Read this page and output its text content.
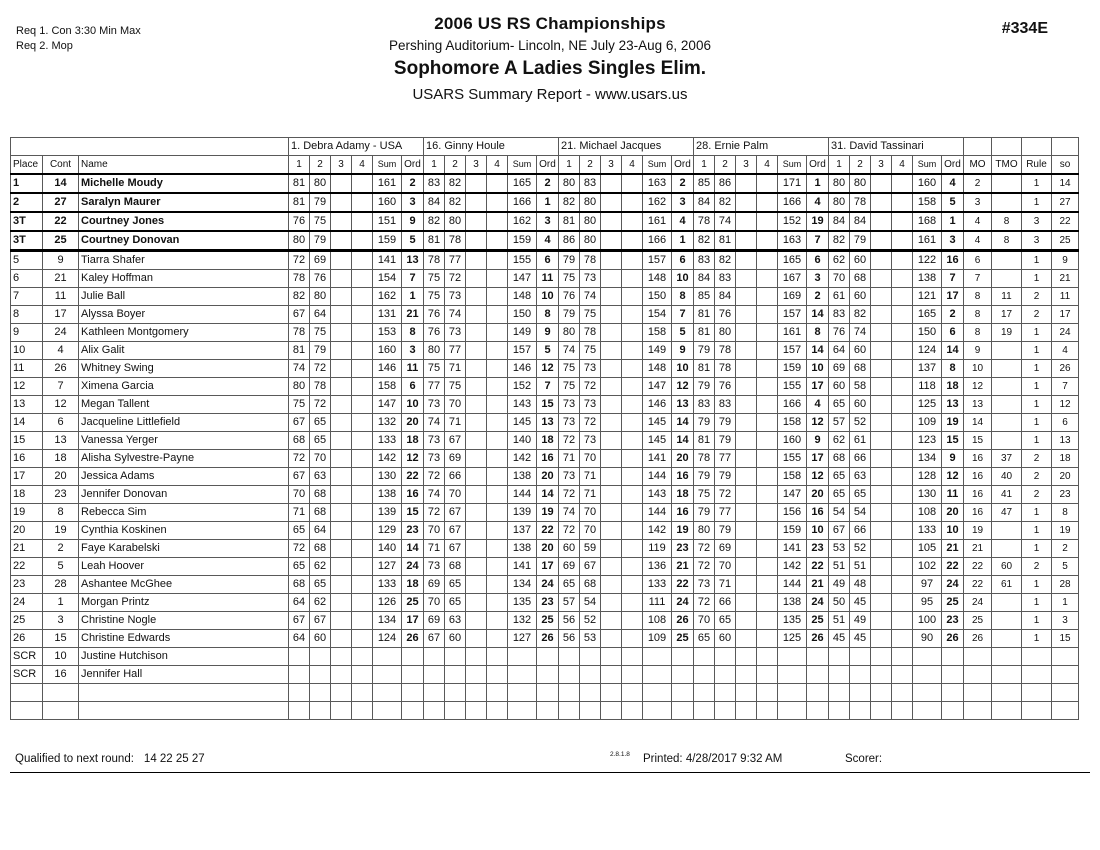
Req 1. Con 3:30 Min Max
Req 2. Mop
2006 US RS Championships
Pershing Auditorium- Lincoln, NE July 23-Aug 6, 2006
Sophomore A Ladies Singles Elim.
USARS Summary Report - www.usars.us
#334E
			1. Debra Adamy - USA						16. Ginny Houle						21. Michael Jacques						28. Ernie Palm						31. David Tassinari									
Place	Cont	Name	1	2	3	4	Sum	Ord	1	2	3	4	Sum	Ord	1	2	3	4	Sum	Ord	1	2	3	4	Sum	Ord	1	2	3	4	Sum	Ord	MO	TMO	Rule	so
1	14	Michelle Moudy	81	80			161	2	83	82			165	2	80	83			163	2	85	86			171	1	80	80			160	4	2		1	14
2	27	Saralyn Maurer	81	79			160	3	84	82			166	1	82	80			162	3	84	82			166	4	80	78			158	5	3		1	27
3T	22	Courtney Jones	76	75			151	9	82	80			162	3	81	80			161	4	78	74			152	19	84	84			168	1	4	8	3	22
3T	25	Courtney Donovan	80	79			159	5	81	78			159	4	86	80			166	1	82	81			163	7	82	79			161	3	4	8	3	25
5	9	Tiarra Shafer	72	69			141	13	78	77			155	6	79	78			157	6	83	82			165	6	62	60			122	16	6		1	9
6	21	Kaley Hoffman	78	76			154	7	75	72			147	11	75	73			148	10	84	83			167	3	70	68			138	7	7		1	21
7	11	Julie Ball	82	80			162	1	75	73			148	10	76	74			150	8	85	84			169	2	61	60			121	17	8	11	2	11
8	17	Alyssa Boyer	67	64			131	21	76	74			150	8	79	75			154	7	81	76			157	14	83	82			165	2	8	17	2	17
9	24	Kathleen Montgomery	78	75			153	8	76	73			149	9	80	78			158	5	81	80			161	8	76	74			150	6	8	19	1	24
10	4	Alix Galit	81	79			160	3	80	77			157	5	74	75			149	9	79	78			157	14	64	60			124	14	9		1	4
11	26	Whitney Swing	74	72			146	11	75	71			146	12	75	73			148	10	81	78			159	10	69	68			137	8	10		1	26
12	7	Ximena Garcia	80	78			158	6	77	75			152	7	75	72			147	12	79	76			155	17	60	58			118	18	12		1	7
13	12	Megan Tallent	75	72			147	10	73	70			143	15	73	73			146	13	83	83			166	4	65	60			125	13	13		1	12
14	6	Jacqueline Littlefield	67	65			132	20	74	71			145	13	73	72			145	14	79	79			158	12	57	52			109	19	14		1	6
15	13	Vanessa Yerger	68	65			133	18	73	67			140	18	72	73			145	14	81	79			160	9	62	61			123	15	15		1	13
16	18	Alisha Sylvestre-Payne	72	70			142	12	73	69			142	16	71	70			141	20	78	77			155	17	68	66			134	9	16	37	2	18
17	20	Jessica Adams	67	63			130	22	72	66			138	20	73	71			144	16	79	79			158	12	65	63			128	12	16	40	2	20
18	23	Jennifer Donovan	70	68			138	16	74	70			144	14	72	71			143	18	75	72			147	20	65	65			130	11	16	41	2	23
19	8	Rebecca Sim	71	68			139	15	72	67			139	19	74	70			144	16	79	77			156	16	54	54			108	20	16	47	1	8
20	19	Cynthia Koskinen	65	64			129	23	70	67			137	22	72	70			142	19	80	79			159	10	67	66			133	10	19		1	19
21	2	Faye Karabelski	72	68			140	14	71	67			138	20	60	59			119	23	72	69			141	23	53	52			105	21	21		1	2
22	5	Leah Hoover	65	62			127	24	73	68			141	17	69	67			136	21	72	70			142	22	51	51			102	22	22	60	2	5
23	28	Ashantee McGhee	68	65			133	18	69	65			134	24	65	68			133	22	73	71			144	21	49	48			97	24	22	61	1	28
24	1	Morgan Printz	64	62			126	25	70	65			135	23	57	54			111	24	72	66			138	24	50	45			95	25	24		1	1
25	3	Christine Nogle	67	67			134	17	69	63			132	25	56	52			108	26	70	65			135	25	51	49			100	23	25		1	3
26	15	Christine Edwards	64	60			124	26	67	60			127	26	56	53			109	25	65	60			125	26	45	45			90	26	26		1	15
SCR	10	Justine Hutchison																																		
SCR	16	Jennifer Hall																																		

Qualified to next round: 14 22 25 27	2.8.1.8 Printed: 4/28/2017 9:32 AM	Scorer:
